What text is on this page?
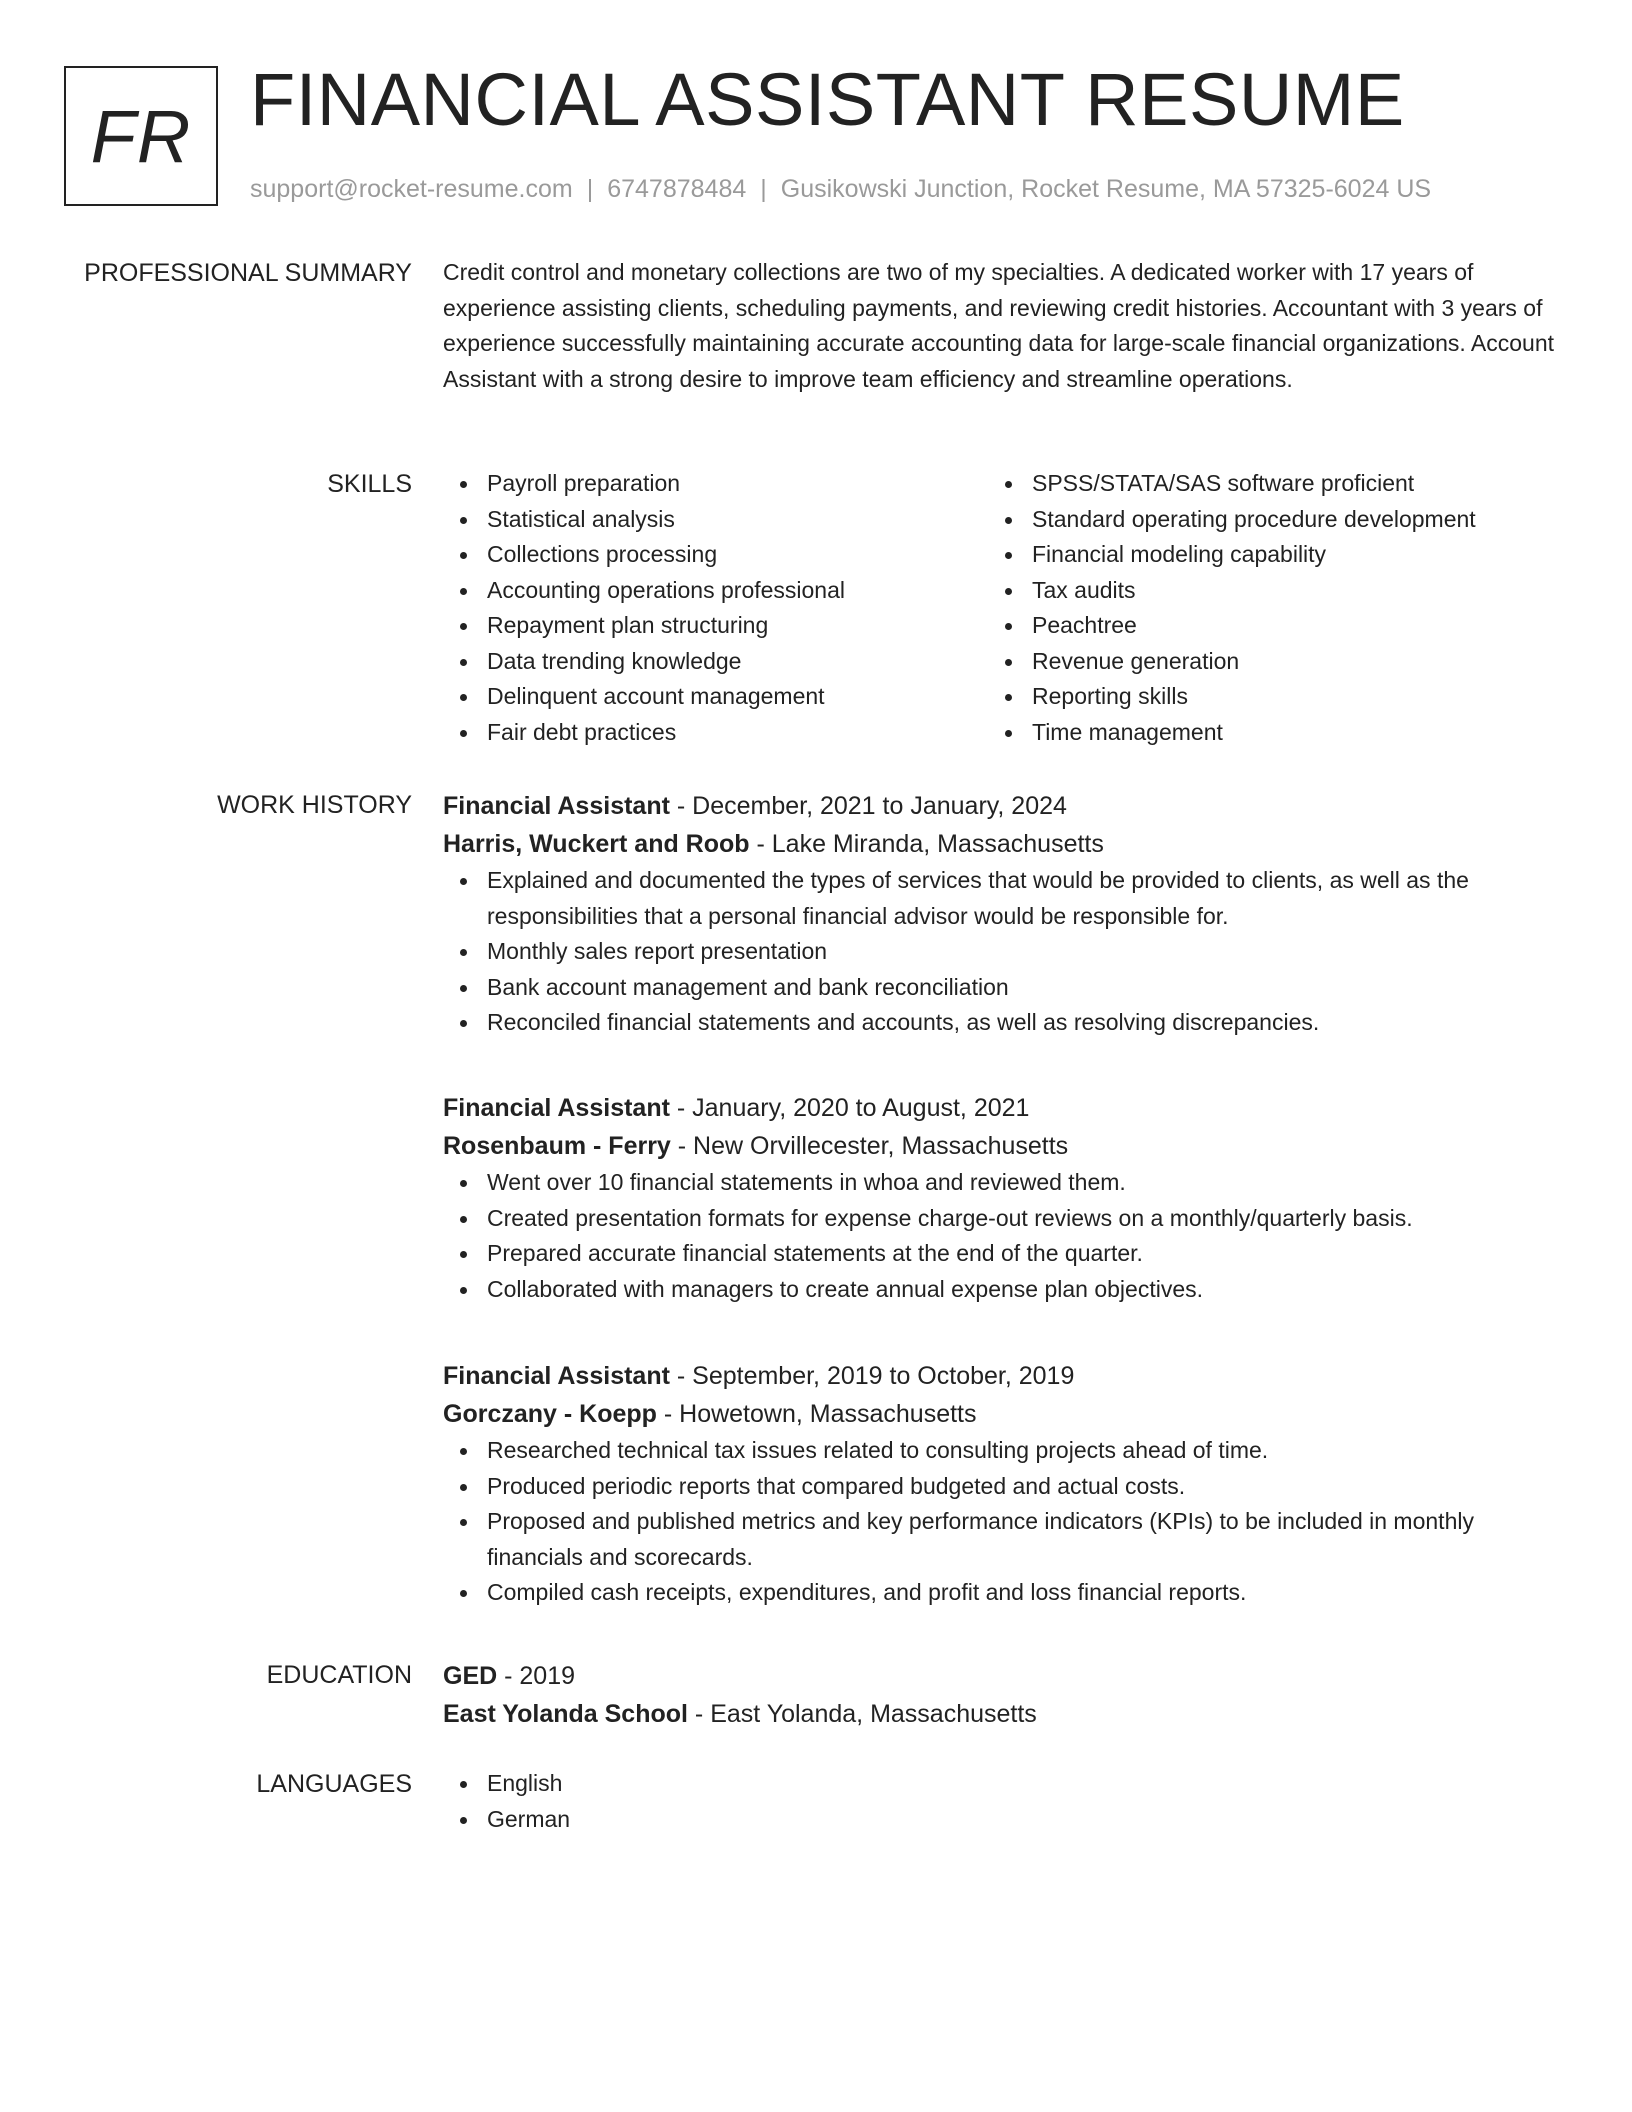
FR FINANCIAL ASSISTANT RESUME
support@rocket-resume.com | 6747878484 | Gusikowski Junction, Rocket Resume, MA 57325-6024 US
PROFESSIONAL SUMMARY Credit control and monetary collections are two of my specialties. A dedicated worker with 17 years of experience assisting clients, scheduling payments, and reviewing credit histories. Accountant with 3 years of experience successfully maintaining accurate accounting data for large-scale financial organizations. Account Assistant with a strong desire to improve team efficiency and streamline operations.

SKILLS	Payroll preparation
Statistical analysis
Collections processing
Accounting operations professional
Repayment plan structuring
Data trending knowledge
Delinquent account management
Fair debt practices
SPSS/STATA/SAS software proficient
Standard operating procedure development
Financial modeling capability
Tax audits
Peachtree
Revenue generation
Reporting skills
Time management
WORK HISTORY Financial Assistant - December, 2021 to January, 2024
Harris, Wuckert and Roob - Lake Miranda, Massachusetts
Explained and documented the types of services that would be provided to clients, as well as the responsibilities that a personal financial advisor would be responsible for.
Monthly sales report presentation
Bank account management and bank reconciliation
Reconciled financial statements and accounts, as well as resolving discrepancies.
Financial Assistant - January, 2020 to August, 2021
Rosenbaum - Ferry - New Orvillecester, Massachusetts
Went over 10 financial statements in whoa and reviewed them.
Created presentation formats for expense charge-out reviews on a monthly/quarterly basis.
Prepared accurate financial statements at the end of the quarter.
Collaborated with managers to create annual expense plan objectives.
Financial Assistant - September, 2019 to October, 2019
Gorczany - Koepp - Howetown, Massachusetts
Researched technical tax issues related to consulting projects ahead of time.
Produced periodic reports that compared budgeted and actual costs.
Proposed and published metrics and key performance indicators (KPIs) to be included in monthly financials and scorecards.
Compiled cash receipts, expenditures, and profit and loss financial reports.
EDUCATION GED - 2019
East Yolanda School - East Yolanda, Massachusetts
LANGUAGES	English
German
